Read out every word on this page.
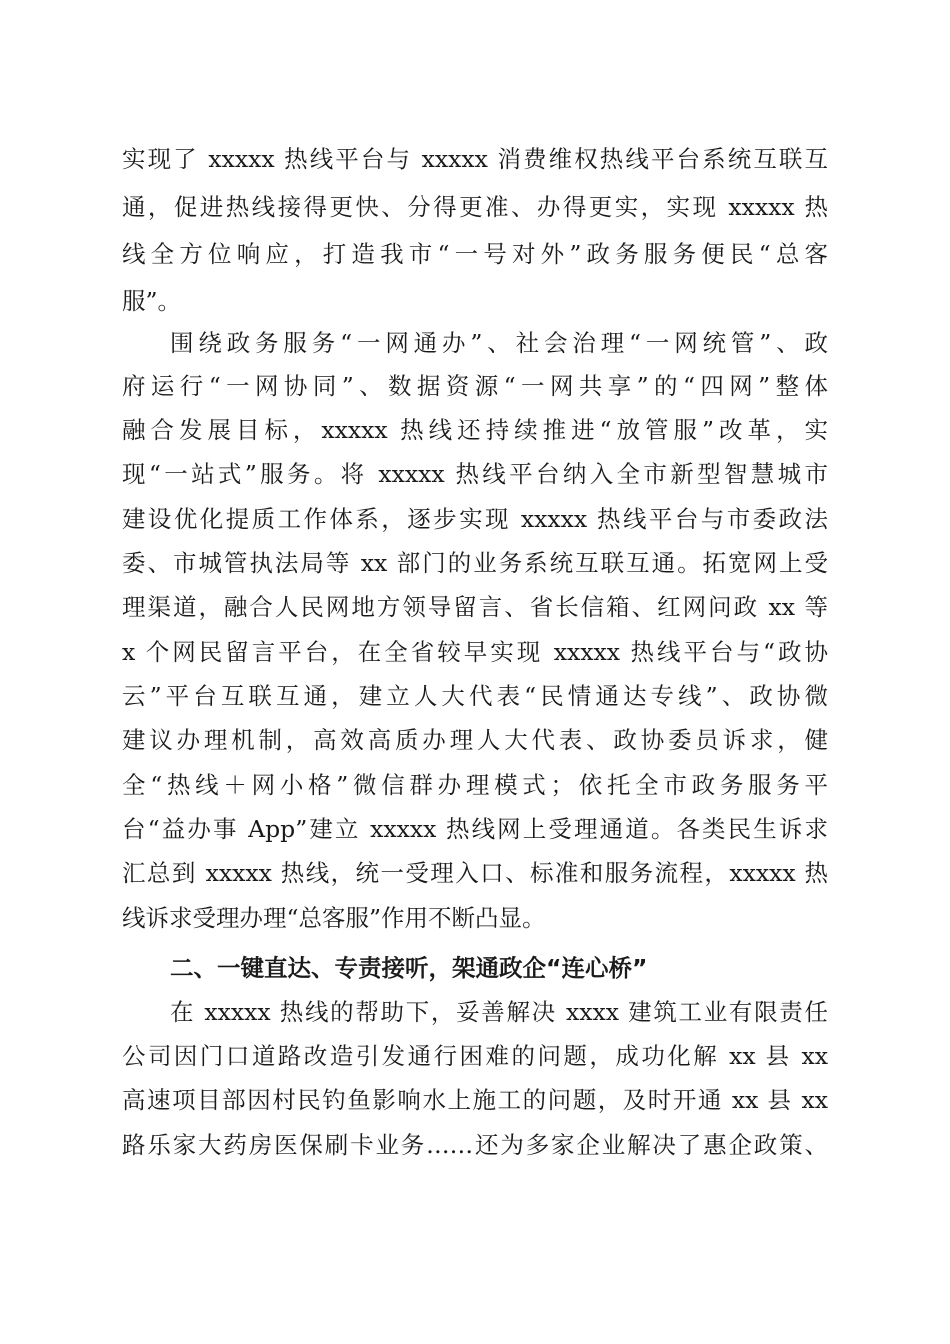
实现了 xxxxx 热线平台与 xxxxx 消费维权热线平台系统互联互
通，促进热线接得更快、分得更准、办得更实，实现 xxxxx 热
线全方位响应，打造我市“一号对外”政务服务便民“总客
服”。
围绕政务服务“一网通办”、社会治理“一网统管”、政
府运行“一网协同”、数据资源“一网共享”的“四网”整体
融合发展目标，xxxxx 热线还持续推进“放管服”改革，实
现“一站式”服务。将 xxxxx 热线平台纳入全市新型智慧城市
建设优化提质工作体系，逐步实现 xxxxx 热线平台与市委政法
委、市城管执法局等 xx 部门的业务系统互联互通。拓宽网上受
理渠道，融合人民网地方领导留言、省长信箱、红网问政 xx 等
x 个网民留言平台，在全省较早实现 xxxxx 热线平台与“政协
云”平台互联互通，建立人大代表“民情通达专线”、政协微
建议办理机制，高效高质办理人大代表、政协委员诉求，健
全“热线＋网小格”微信群办理模式；依托全市政务服务平
台“益办事 App”建立 xxxxx 热线网上受理通道。各类民生诉求
汇总到 xxxxx 热线，统一受理入口、标准和服务流程，xxxxx 热
线诉求受理办理“总客服”作用不断凸显。
二、一键直达、专责接听，架通政企“连心桥”
在 xxxxx 热线的帮助下，妥善解决 xxxx 建筑工业有限责任
公司因门口道路改造引发通行困难的问题，成功化解 xx 县 xx
高速项目部因村民钓鱼影响水上施工的问题，及时开通 xx 县 xx
路乐家大药房医保刷卡业务……还为多家企业解决了惠企政策、
